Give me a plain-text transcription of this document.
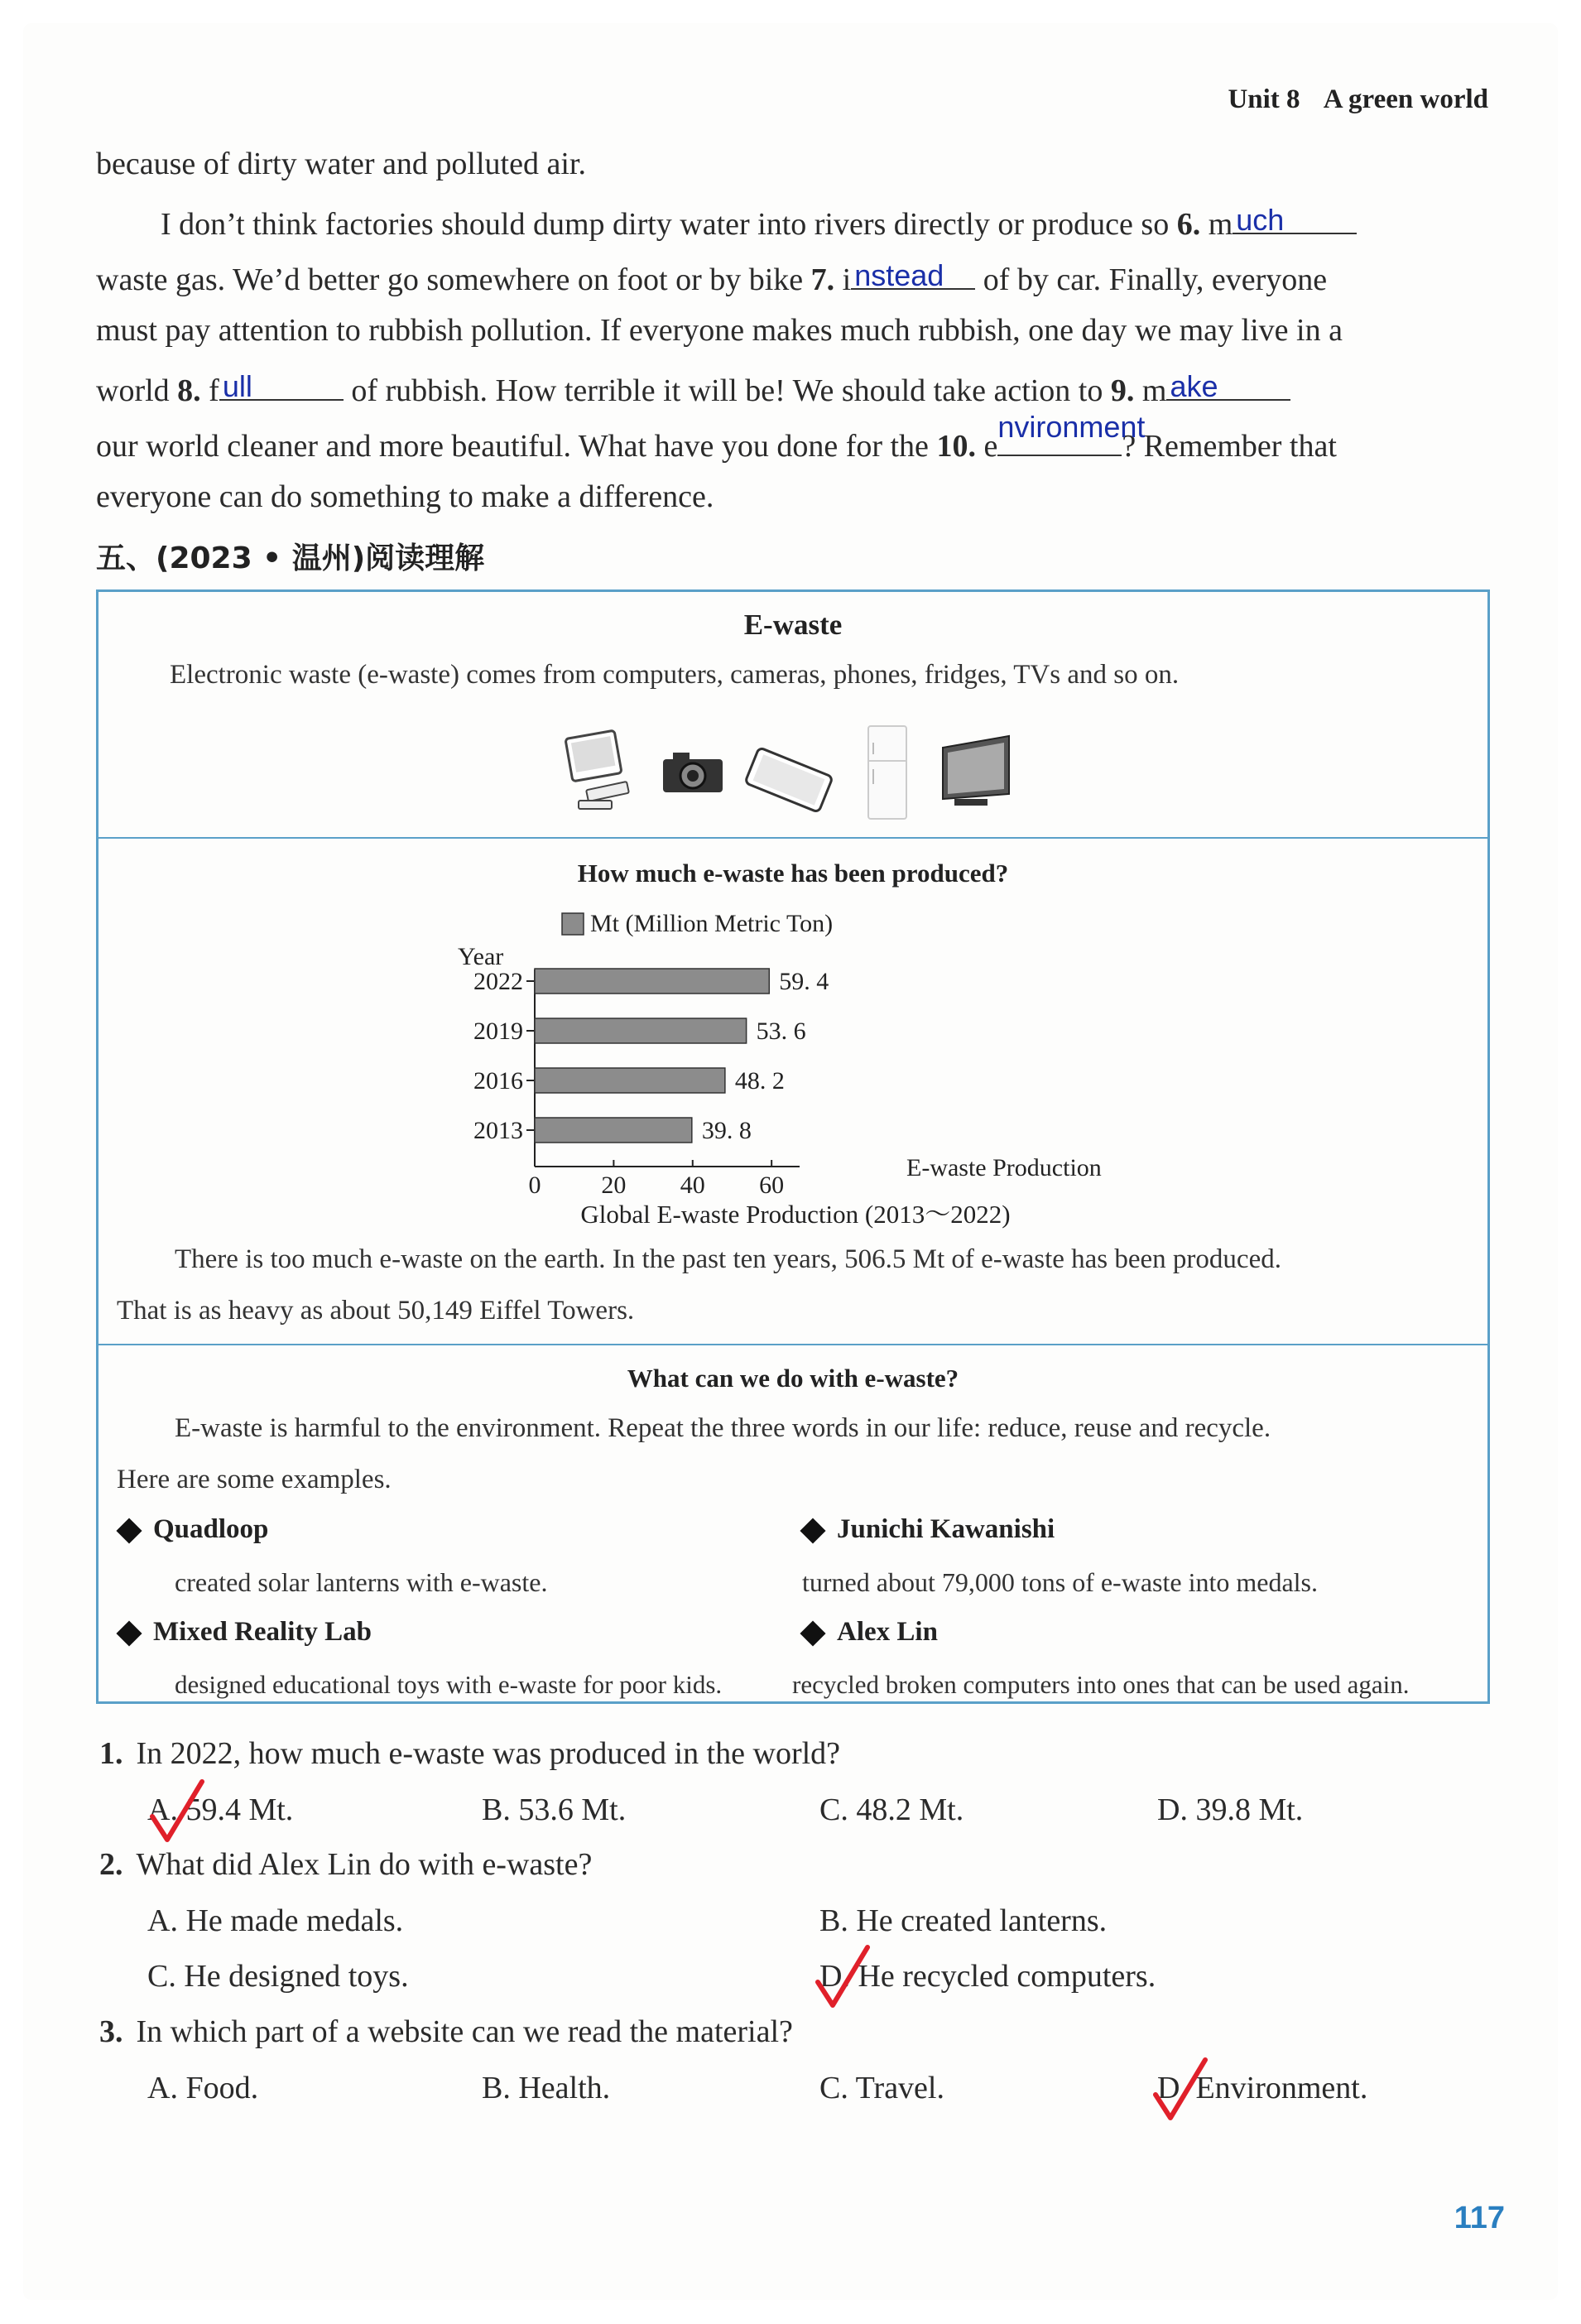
Unit 8 A green world
because of dirty water and polluted air.
I don’t think factories should dump dirty water into rivers directly or produce so 6. m uch
waste gas. We’d better go somewhere on foot or by bike 7. i nstead of by car. Finally, everyone
must pay attention to rubbish pollution. If everyone makes much rubbish, one day we may live in a
world 8. f ull	of rubbish. How terrible it will be! We should take action to 9. m ake
our world cleaner and more beautiful. What have you done for the 10. e
nvironment
? Remember that
everyone can do something to make a difference.
五、(2023 • 温州)阅读理解
E-waste
Electronic waste (e-waste) comes from computers, cameras, phones, fridges, TVs and so on.
How much e-waste has been produced?
Mt (Million Metric Ton)
Year
0 20 40 60
2022	59. 4
2019	53. 6
2016	48. 2
2013	39. 8
E-waste Production
Global E-waste Production (2013～2022)
There is too much e-waste on the earth. In the past ten years, 506.5 Mt of e-waste has been produced.
That is as heavy as about 50,149 Eiffel Towers.
What can we do with e-waste?
E-waste is harmful to the environment. Repeat the three words in our life: reduce, reuse and recycle.
Here are some examples.
Quadloop
created solar lanterns with e-waste.
Junichi Kawanishi
turned about 79,000 tons of e-waste into medals.
Mixed Reality Lab
designed educational toys with e-waste for poor kids.
Alex Lin
recycled broken computers into ones that can be used again.
1. In 2022, how much e-waste was produced in the world?
A. 59.4 Mt.	B. 53.6 Mt.	C. 48.2 Mt.	D. 39.8 Mt.
2. What did Alex Lin do with e-waste?
A. He made medals.	B. He created lanterns.
C. He designed toys.	D. He recycled computers.
3. In which part of a website can we read the material?
A. Food.	B. Health.	C. Travel.	D. Environment.
117
